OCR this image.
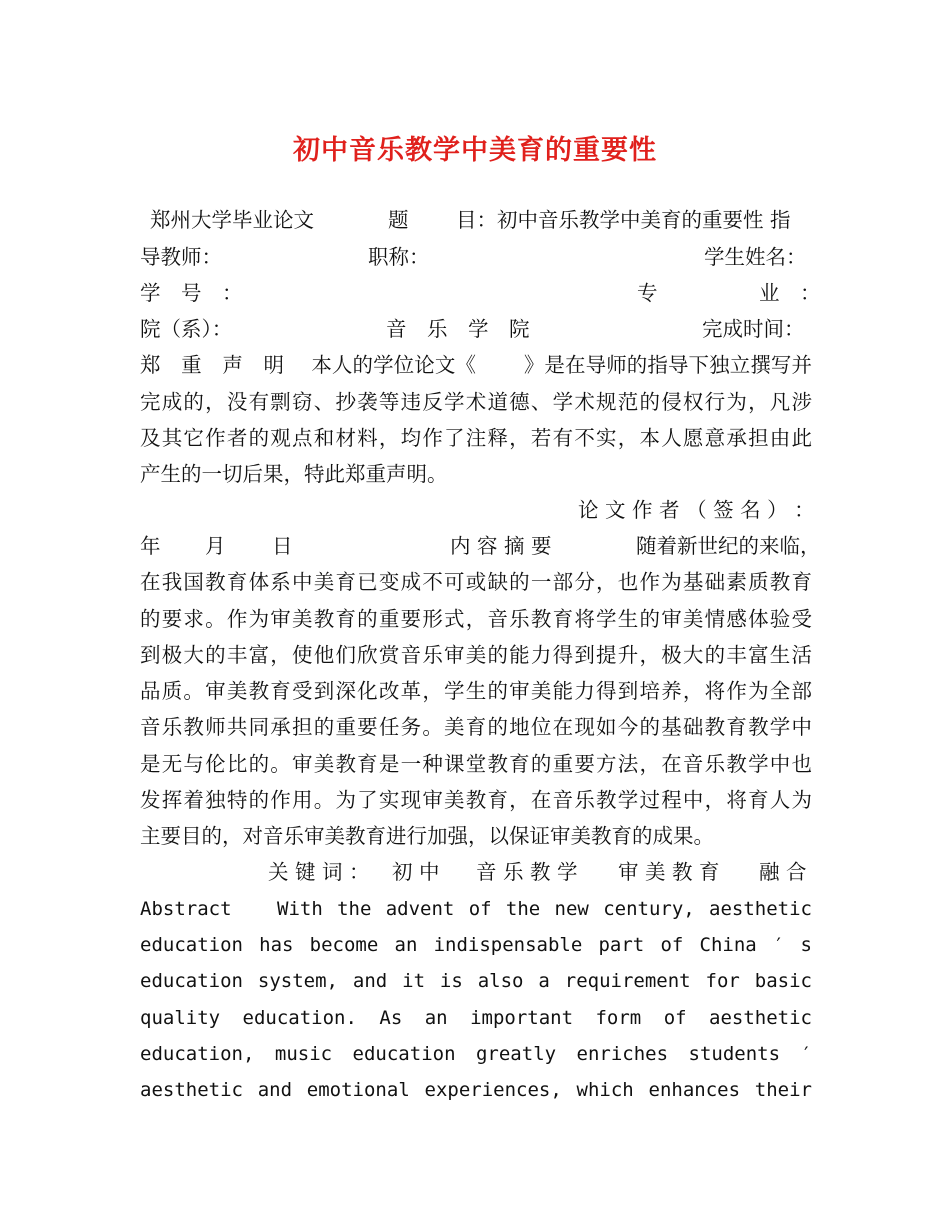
初中音乐教学中美育的重要性
郑州大学毕业论文	题 目：初中音乐教学中美育的重要性 指
导教师：	职称：	学生姓名：
学　号　：	专	业　：
院（系）：	音　乐　学　院	完成时间：
郑　重　声　明　 本人的学位论文《　　 》是在导师的指导下独立撰写并
完成的，没有剽窃、抄袭等违反学术道德、学术规范的侵权行为，凡涉
及其它作者的观点和材料，均作了注释，若有不实，本人愿意承担由此
产生的一切后果，特此郑重声明。
论 文 作 者 （ 签 名 ） ：
年 月 日	内 容 摘 要	随着新世纪的来临，
在我国教育体系中美育已变成不可或缺的一部分，也作为基础素质教育
的要求。作为审美教育的重要形式，音乐教育将学生的审美情感体验受
到极大的丰富，使他们欣赏音乐审美的能力得到提升，极大的丰富生活
品质。审美教育受到深化改革，学生的审美能力得到培养，将作为全部
音乐教师共同承担的重要任务。美育的地位在现如今的基础教育教学中
是无与伦比的。审美教育是一种课堂教育的重要方法，在音乐教学中也
发挥着独特的作用。为了实现审美教育，在音乐教学过程中，将育人为
主要目的，对音乐审美教育进行加强，以保证审美教育的成果。
关 键 词 ： 初 中 音 乐 教 学 审 美 教 育 融 合
Abstract With the advent of the new century, aesthetic
education has become an indispensable part of China ′ s
education system, and it is also a requirement for basic
quality education. As an important form of aesthetic
education, music education greatly enriches students ′
aesthetic and emotional experiences, which enhances their
